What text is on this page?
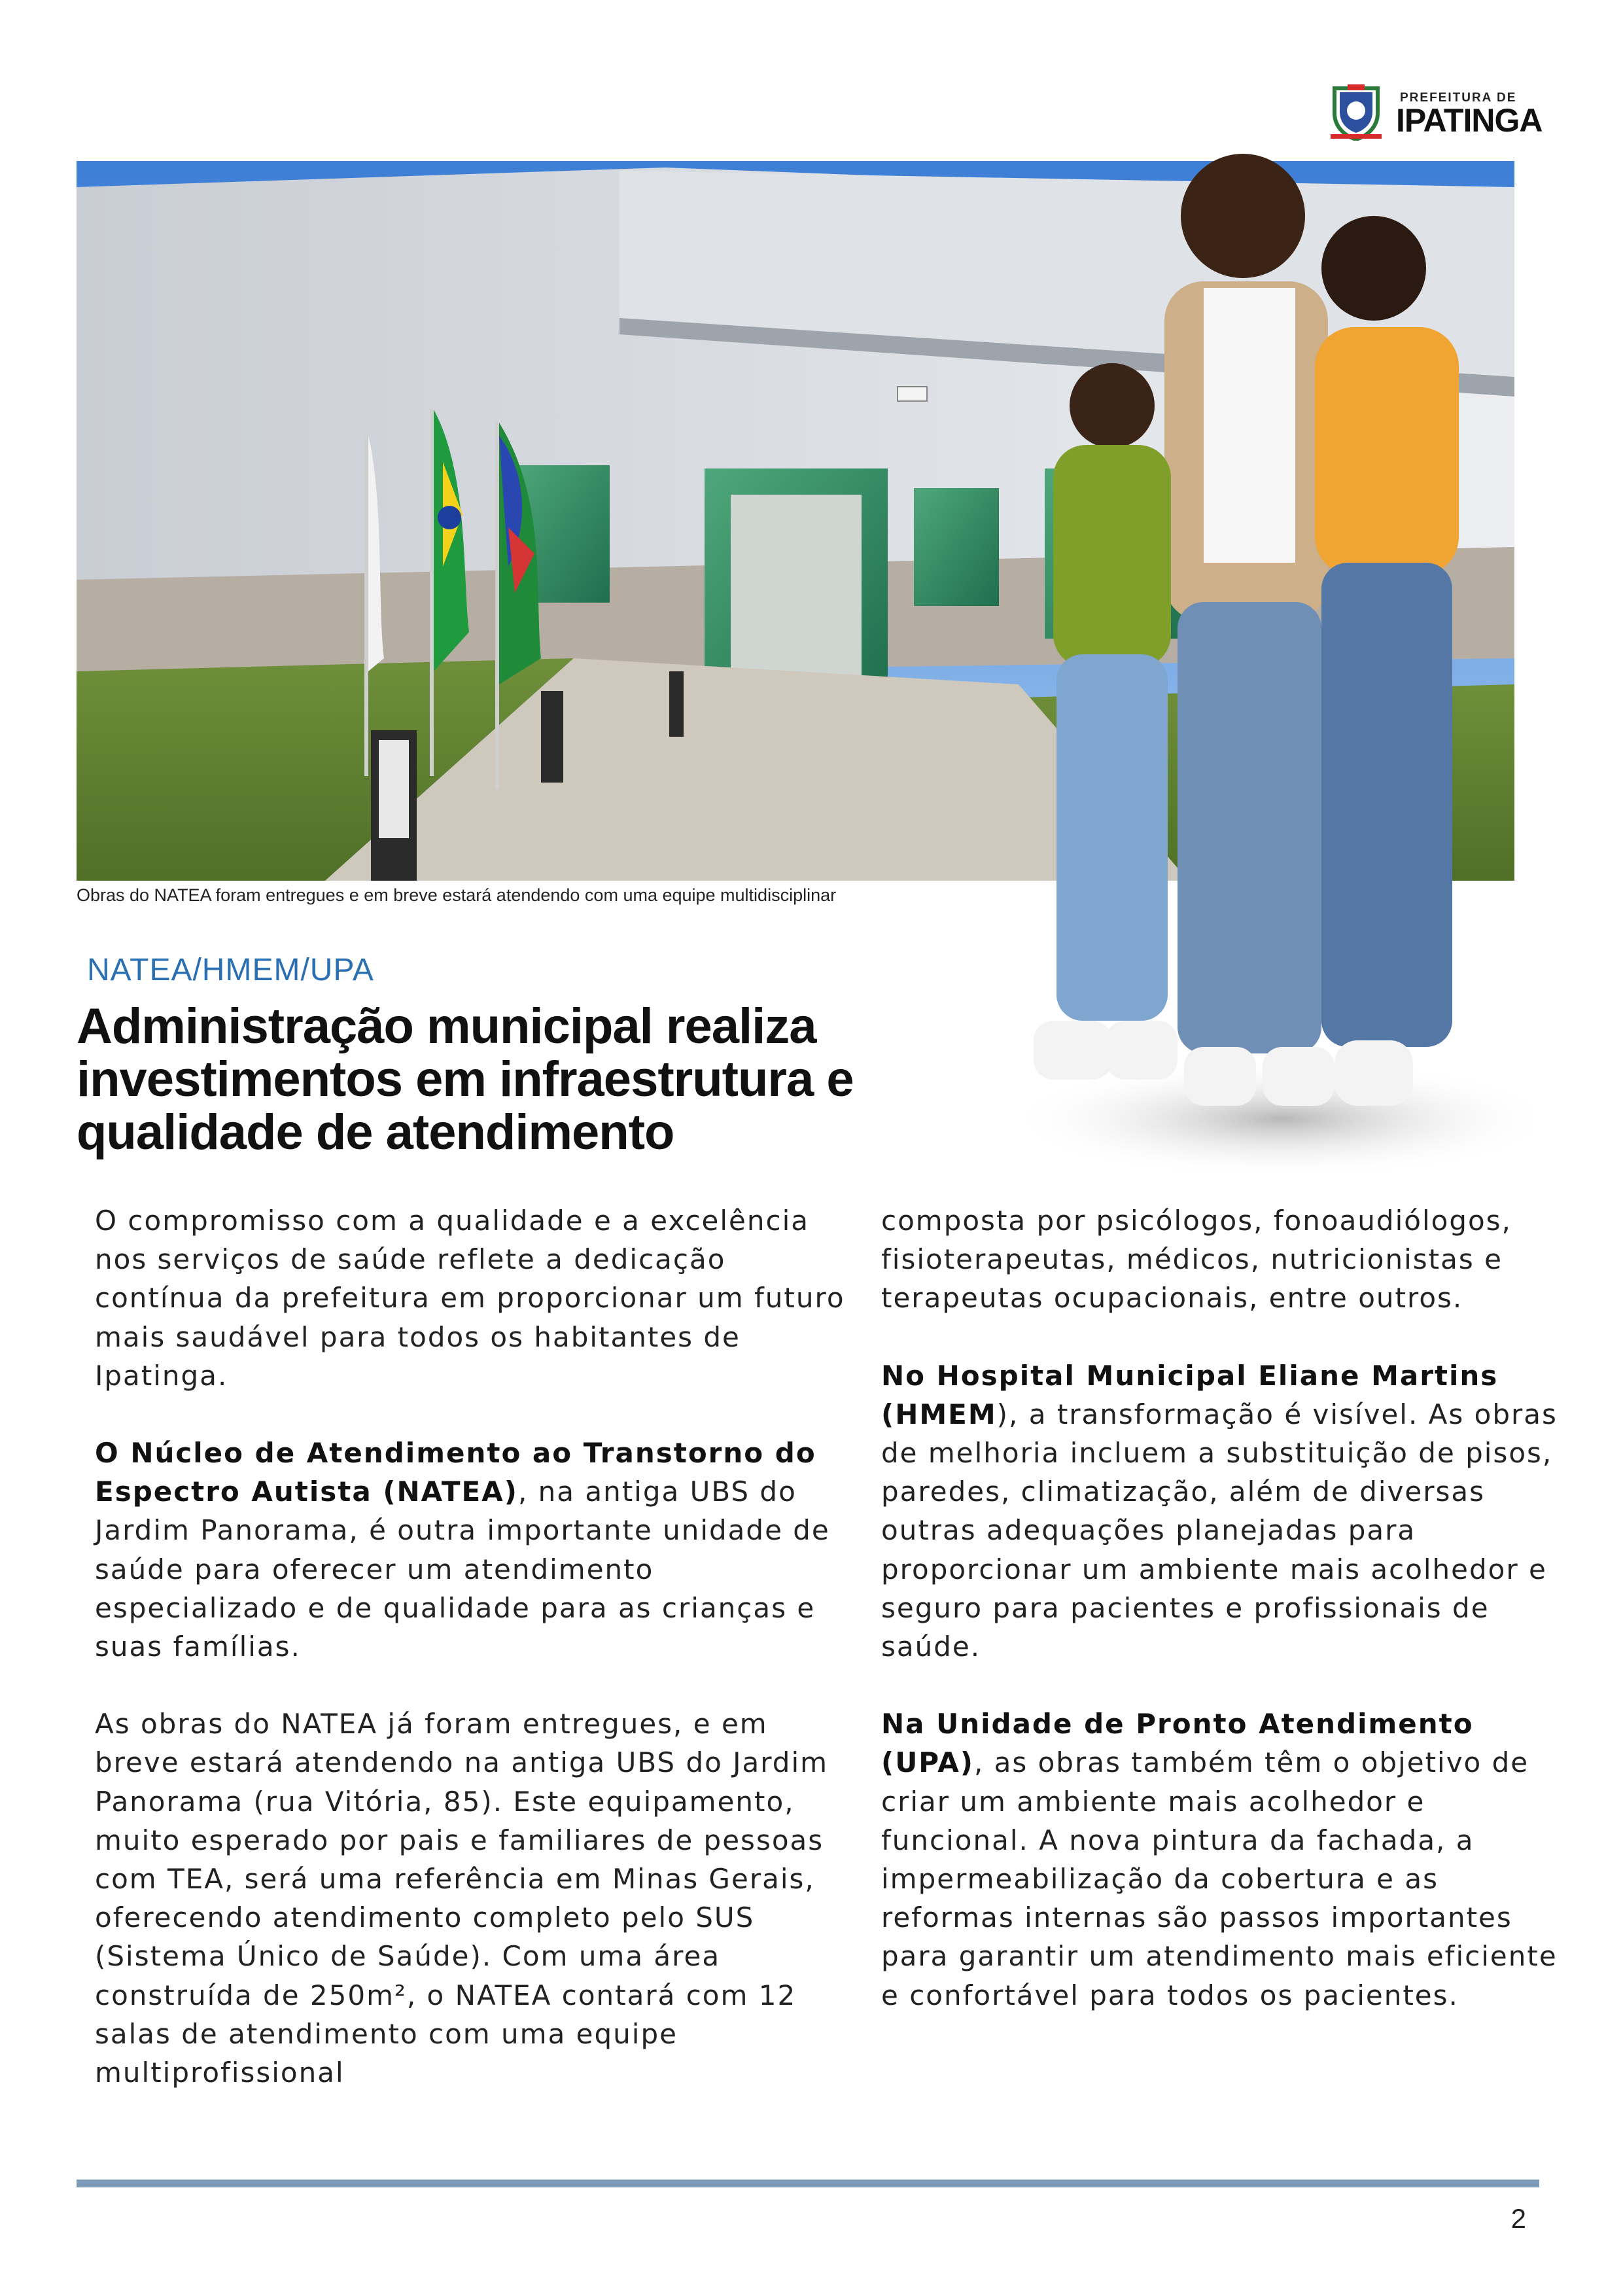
PREFEITURA DE
IPATINGA
Obras do NATEA foram entregues e em breve estará atendendo com uma equipe multidisciplinar
NATEA/HMEM/UPA
Administração municipal realiza investimentos em infraestrutura e qualidade de atendimento

O compromisso com a qualidade e a excelência nos serviços de saúde reflete a dedicação contínua da prefeitura em proporcionar um futuro mais saudável para todos os habitantes de Ipatinga.

O Núcleo de Atendimento ao Transtorno do Espectro Autista (NATEA), na antiga UBS do Jardim Panorama, é outra importante unidade de saúde para oferecer um atendimento especializado e de qualidade para as crianças e suas famílias.

As obras do NATEA já foram entregues, e em breve estará atendendo na antiga UBS do Jardim Panorama (rua Vitória, 85). Este equipamento, muito esperado por pais e familiares de pessoas com TEA, será uma referência em Minas Gerais, oferecendo atendimento completo pelo SUS (Sistema Único de Saúde). Com uma área construída de 250m², o NATEA contará com 12 salas de atendimento com uma equipe multiprofissional

composta por psicólogos, fonoaudiólogos, fisioterapeutas, médicos, nutricionistas e terapeutas ocupacionais, entre outros.

No Hospital Municipal Eliane Martins (HMEM), a transformação é visível. As obras de melhoria incluem a substituição de pisos, paredes, climatização, além de diversas outras adequações planejadas para proporcionar um ambiente mais acolhedor e seguro para pacientes e profissionais de saúde.

Na Unidade de Pronto Atendimento (UPA), as obras também têm o objetivo de criar um ambiente mais acolhedor e funcional. A nova pintura da fachada, a impermeabilização da cobertura e as reformas internas são passos importantes para garantir um atendimento mais eficiente e confortável para todos os pacientes.

2
